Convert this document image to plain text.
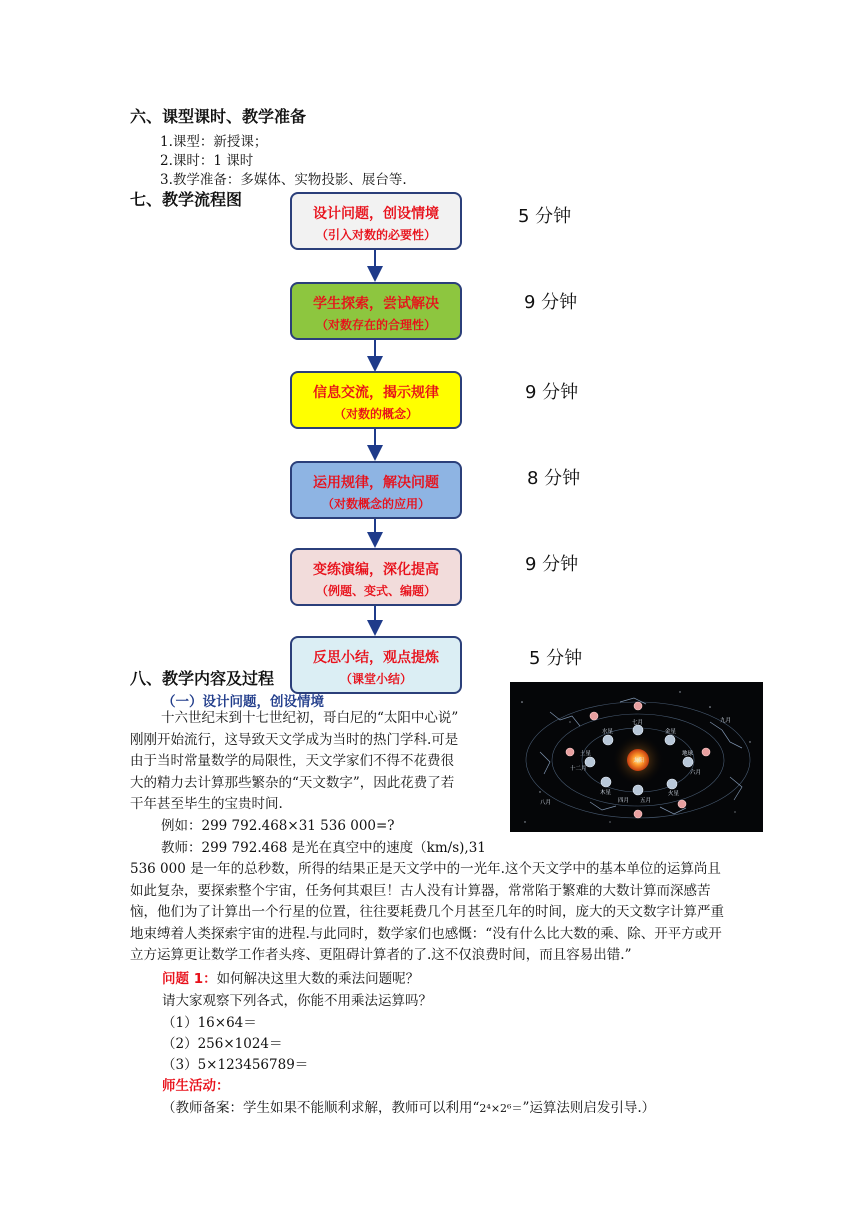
六、课型课时、教学准备
1.课型：新授课；
2.课时：1 课时
3.教学准备：多媒体、实物投影、展台等.
七、教学流程图
设计问题，创设情境
（引入对数的必要性）
5 分钟
学生探索，尝试解决
（对数存在的合理性）
9 分钟
信息交流，揭示规律
（对数的概念）
9 分钟
运用规律，解决问题
（对数概念的应用）
8 分钟
变练演编，深化提高
（例题、变式、编题）
9 分钟
八、教学内容及过程
（一）设计问题，创设情境
反思小结，观点提炼
（课堂小结）
5 分钟
十六世纪末到十七世纪初，哥白尼的“太阳中心说”
刚刚开始流行，这导致天文学成为当时的热门学科.可是
由于当时常量数学的局限性，天文学家们不得不花费很
大的精力去计算那些繁杂的“天文数字”，因此花费了若
干年甚至毕生的宝贵时间.
例如：299 792.468×31 536 000=?
教师：299 792.468 是光在真空中的速度（km/s),31
太阳
水星	金星
地球
火星
木星
土星
十二月
四月 五月
六月
七月
八月
九月
536 000 是一年的总秒数，所得的结果正是天文学中的一光年.这个天文学中的基本单位的运算尚且如此复杂，要探索整个宇宙，任务何其艰巨！古人没有计算器，常常陷于繁难的大数计算而深感苦恼，他们为了计算出一个行星的位置，往往要耗费几个月甚至几年的时间，庞大的天文数字计算严重地束缚着人类探索宇宙的进程.与此同时，数学家们也感慨：“没有什么比大数的乘、除、开平方或开立方运算更让数学工作者头疼、更阻碍计算者的了.这不仅浪费时间，而且容易出错.”
问题 1：如何解决这里大数的乘法问题呢？
请大家观察下列各式，你能不用乘法运算吗？
（1）16×64＝
（2）256×1024＝
（3）5×123456789＝
师生活动：
（教师备案：学生如果不能顺利求解，教师可以利用“2⁴×2⁶＝”运算法则启发引导.）
